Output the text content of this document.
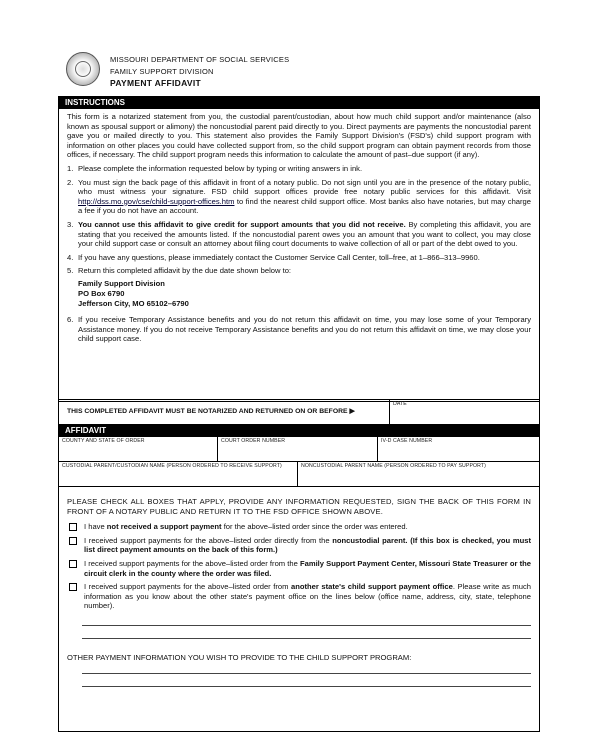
MISSOURI DEPARTMENT OF SOCIAL SERVICES
FAMILY SUPPORT DIVISION
PAYMENT AFFIDAVIT
INSTRUCTIONS

This form is a notarized statement from you, the custodial parent/custodian, about how much child support and/or maintenance (also known as spousal support or alimony) the noncustodial parent paid directly to you. Direct payments are payments the noncustodial parent gave you or mailed directly to you. This statement also provides the Family Support Division's (FSD's) child support program with information on other places you could have collected support from, so the child support program can obtain payment records from those offices, if necessary. The child support program needs this information to calculate the amount of past–due support (if any).

1. Please complete the information requested below by typing or writing answers in ink.
2. You must sign the back page of this affidavit in front of a notary public. Do not sign until you are in the presence of the notary public, who must witness your signature. FSD child support offices provide free notary public services for this affidavit. Visit http://dss.mo.gov/cse/child-support-offices.htm to find the nearest child support office. Most banks also have notaries, but may charge a fee if you do not have an account.
3. You cannot use this affidavit to give credit for support amounts that you did not receive. By completing this affidavit, you are stating that you received the amounts listed. If the noncustodial parent owes you an amount that you want to collect, you may close your child support case or consult an attorney about filing court documents to waive collection of all or part of the debt owed to you.
4. If you have any questions, please immediately contact the Customer Service Call Center, toll–free, at 1–866–313–9960.
5. Return this completed affidavit by the due date shown below to:
Family Support Division
PO Box 6790
Jefferson City, MO 65102–6790
6. If you receive Temporary Assistance benefits and you do not return this affidavit on time, you may lose some of your Temporary Assistance money. If you do not receive Temporary Assistance benefits and you do not return this affidavit on time, we may close your child support case.
THIS COMPLETED AFFIDAVIT MUST BE NOTARIZED AND RETURNED ON OR BEFORE ▶
DATE
AFFIDAVIT
COUNTY AND STATE OF ORDER	COURT ORDER NUMBER	IV-D CASE NUMBER
CUSTODIAL PARENT/CUSTODIAN NAME (PERSON ORDERED TO RECEIVE SUPPORT)	NONCUSTODIAL PARENT NAME (PERSON ORDERED TO PAY SUPPORT)
PLEASE CHECK ALL BOXES THAT APPLY, PROVIDE ANY INFORMATION REQUESTED, SIGN THE BACK OF THIS FORM IN FRONT OF A NOTARY PUBLIC AND RETURN IT TO THE FSD OFFICE SHOWN ABOVE.
I have not received a support payment for the above–listed order since the order was entered.
I received support payments for the above–listed order directly from the noncustodial parent. (If this box is checked, you must list direct payment amounts on the back of this form.)
I received support payments for the above–listed order from the Family Support Payment Center, Missouri State Treasurer or the circuit clerk in the county where the order was filed.
I received support payments for the above–listed order from another state's child support payment office. Please write as much information as you know about the other state's payment office on the lines below (office name, address, city, state, telephone number).
OTHER PAYMENT INFORMATION YOU WISH TO PROVIDE TO THE CHILD SUPPORT PROGRAM:
